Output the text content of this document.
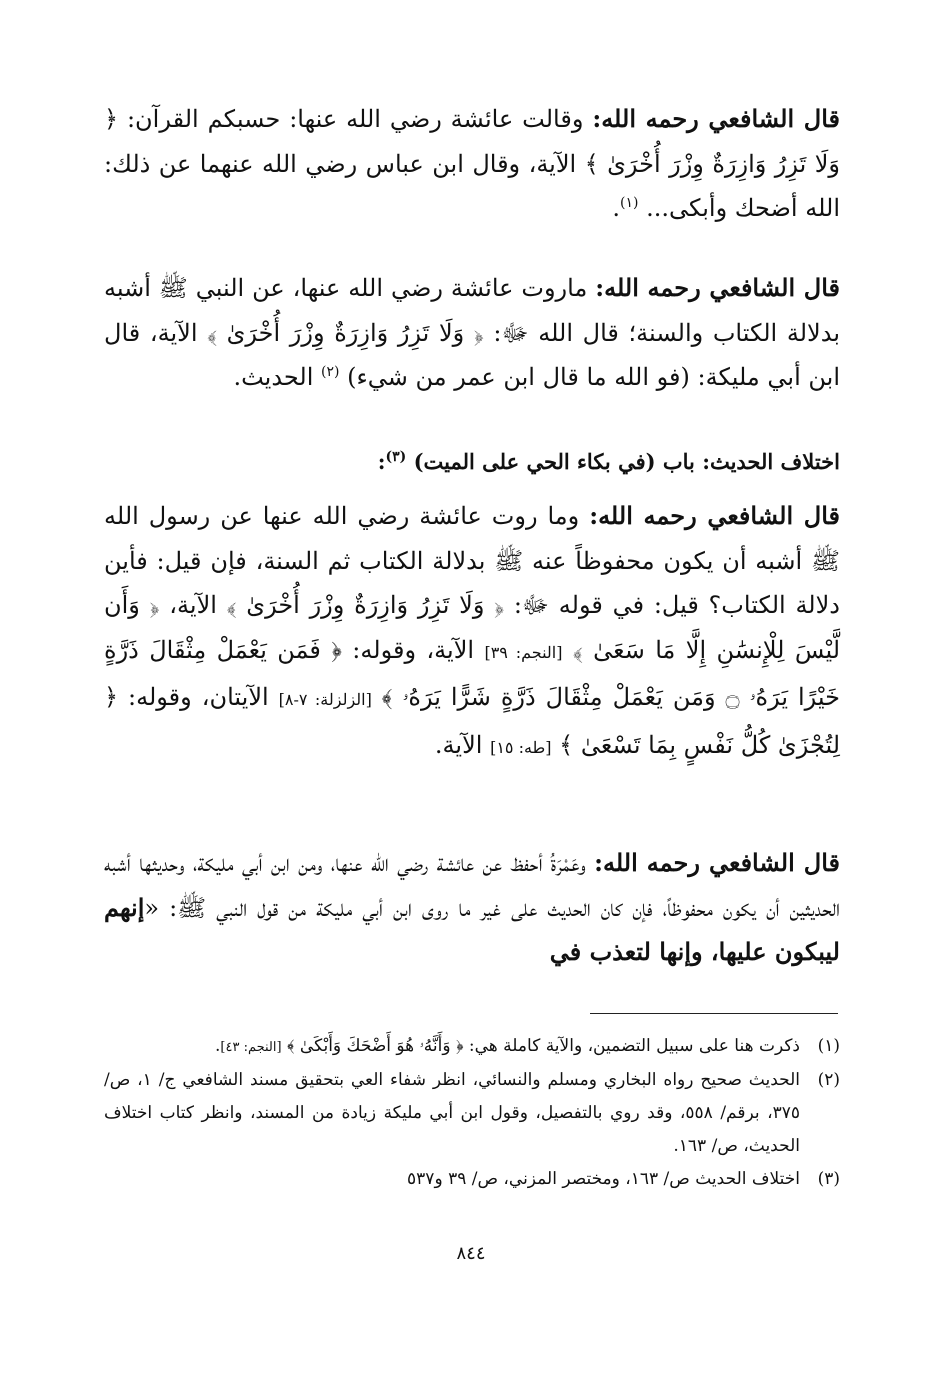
قال الشافعي رحمه الله: وقالت عائشة رضي الله عنها: حسبكم القرآن: ﴿ وَلَا تَزِرُ وَازِرَةٌ وِزْرَ أُخْرَىٰ ﴾ الآية، وقال ابن عباس رضي الله عنهما عن ذلك: الله أضحك وأبكى... $^{(١)}$.

قال الشافعي رحمه الله: ماروت عائشة رضي الله عنها، عن النبي ﷺ أشبه بدلالة الكتاب والسنة؛ قال الله ﷻ: ﴿ وَلَا تَزِرُ وَازِرَةٌ وِزْرَ أُخْرَىٰ ﴾ الآية، قال ابن أبي مليكة: (فو الله ما قال ابن عمر من شيء) $^{(٢)}$ الحديث.

اختلاف الحديث: باب (في بكاء الحي على الميت) $^{(٣)}$:

قال الشافعي رحمه الله: وما روت عائشة رضي الله عنها عن رسول الله ﷺ أشبه أن يكون محفوظاً عنه ﷺ بدلالة الكتاب ثم السنة، فإن قيل: فأين دلالة الكتاب؟ قيل: في قوله ﷻ: ﴿ وَلَا تَزِرُ وَازِرَةٌ وِزْرَ أُخْرَىٰ ﴾ الآية، ﴿ وَأَن لَّيْسَ لِلْإِنسَٰنِ إِلَّا مَا سَعَىٰ ﴾ [النجم: ٣٩] الآية، وقوله: ﴿ فَمَن يَعْمَلْ مِثْقَالَ ذَرَّةٍ خَيْرًا يَرَهُۥ ۝ وَمَن يَعْمَلْ مِثْقَالَ ذَرَّةٍ شَرًّا يَرَهُۥ ﴾ [الزلزلة: ٧-٨] الآيتان، وقوله: ﴿ لِتُجْزَىٰ كُلُّ نَفْسٍ بِمَا تَسْعَىٰ ﴾ [طه: ١٥] الآية.

قال الشافعي رحمه الله: وعَمْرَةُ أحفظ عن عائشة رضي الله عنها، ومن ابن أبي مليكة، وحديثها أشبه الحديثين أن يكون محفوظاً، فإن كان الحديث على غير ما روى ابن أبي مليكة من قول النبي ﷺ: «إنهم ليبكون عليها، وإنها لتعذب في

(١)
ذكرت هنا على سبيل التضمين، والآية كاملة هي: ﴿ وَأَنَّهُۥ هُوَ أَضْحَكَ وَأَبْكَىٰ ﴾ [النجم: ٤٣].
(٢)
الحديث صحيح رواه البخاري ومسلم والنسائي، انظر شفاء العي بتحقيق مسند الشافعي ج/ ١، ص/ ٣٧٥، برقم/ ٥٥٨، وقد روي بالتفصيل، وقول ابن أبي مليكة زيادة من المسند، وانظر كتاب اختلاف الحديث، ص/ ١٦٣.
(٣)
اختلاف الحديث ص/ ١٦٣، ومختصر المزني، ص/ ٣٩ و٥٣٧
٨٤٤
